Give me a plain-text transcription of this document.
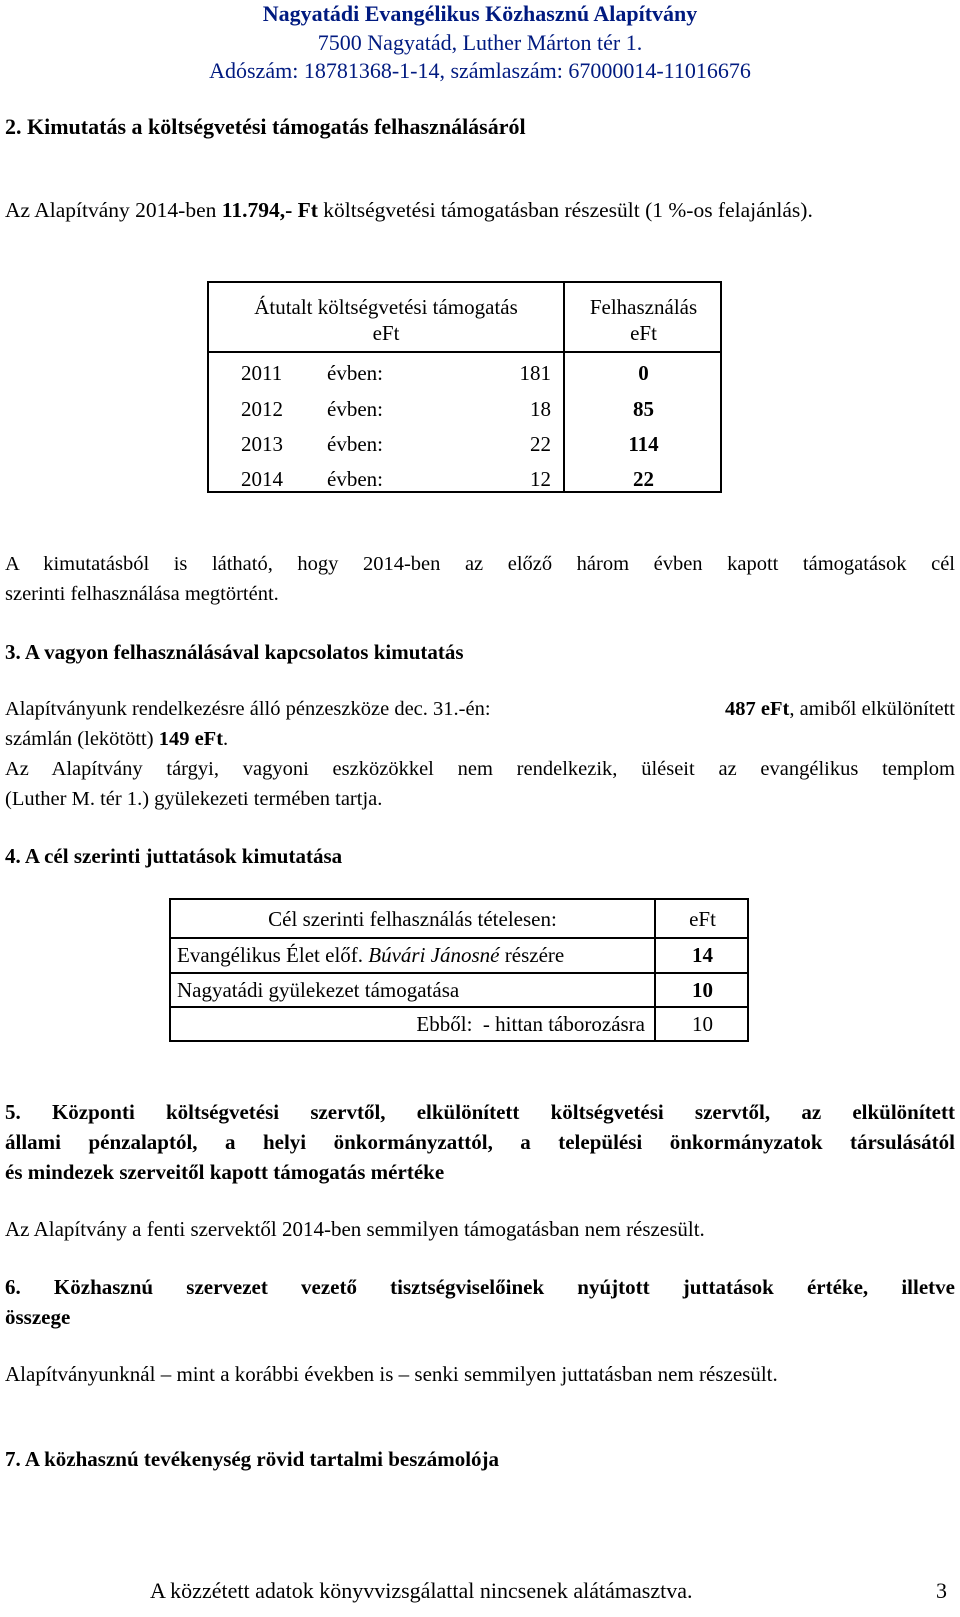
Nagyatádi Evangélikus Közhasznú Alapítvány
7500 Nagyatád, Luther Márton tér 1.
Adószám: 18781368-1-14, számlaszám: 67000014-11016676
2. Kimutatás a költségvetési támogatás felhasználásáról
Az Alapítvány 2014-ben 11.794,- Ft költségvetési támogatásban részesült (1 %-os felajánlás).
Átutalt költségvetési támogatás
eFt
Felhasználás
eFt
2011 évben:	181	0
2012 évben:	18	85
2013 évben:	22	114
2014 évben:	12	22
A kimutatásból is látható, hogy 2014-ben az előző három évben kapott támogatások cél
szerinti felhasználása megtörtént.
3. A vagyon felhasználásával kapcsolatos kimutatás
Alapítványunk rendelkezésre álló pénzeszköze dec. 31.-én:	487 eFt, amiből elkülönített
számlán (lekötött) 149 eFt.
Az Alapítvány tárgyi, vagyoni eszközökkel nem rendelkezik, üléseit az evangélikus templom
(Luther M. tér 1.) gyülekezeti termében tartja.
4. A cél szerinti juttatások kimutatása
Cél szerinti felhasználás tételesen:	eFt
Evangélikus Élet előf. Búvári Jánosné részére	14
Nagyatádi gyülekezet támogatása	10
Ebből:  - hittan táborozásra	10
5. Központi költségvetési szervtől, elkülönített költségvetési szervtől, az elkülönített
állami pénzalaptól, a helyi önkormányzattól, a települési önkormányzatok társulásától
és mindezek szerveitől kapott támogatás mértéke
Az Alapítvány a fenti szervektől 2014-ben semmilyen támogatásban nem részesült.
6. Közhasznú szervezet vezető tisztségviselőinek nyújtott juttatások értéke, illetve
összege
Alapítványunknál – mint a korábbi években is – senki semmilyen juttatásban nem részesült.
7. A közhasznú tevékenység rövid tartalmi beszámolója
A közzétett adatok könyvvizsgálattal nincsenek alátámasztva.	3
